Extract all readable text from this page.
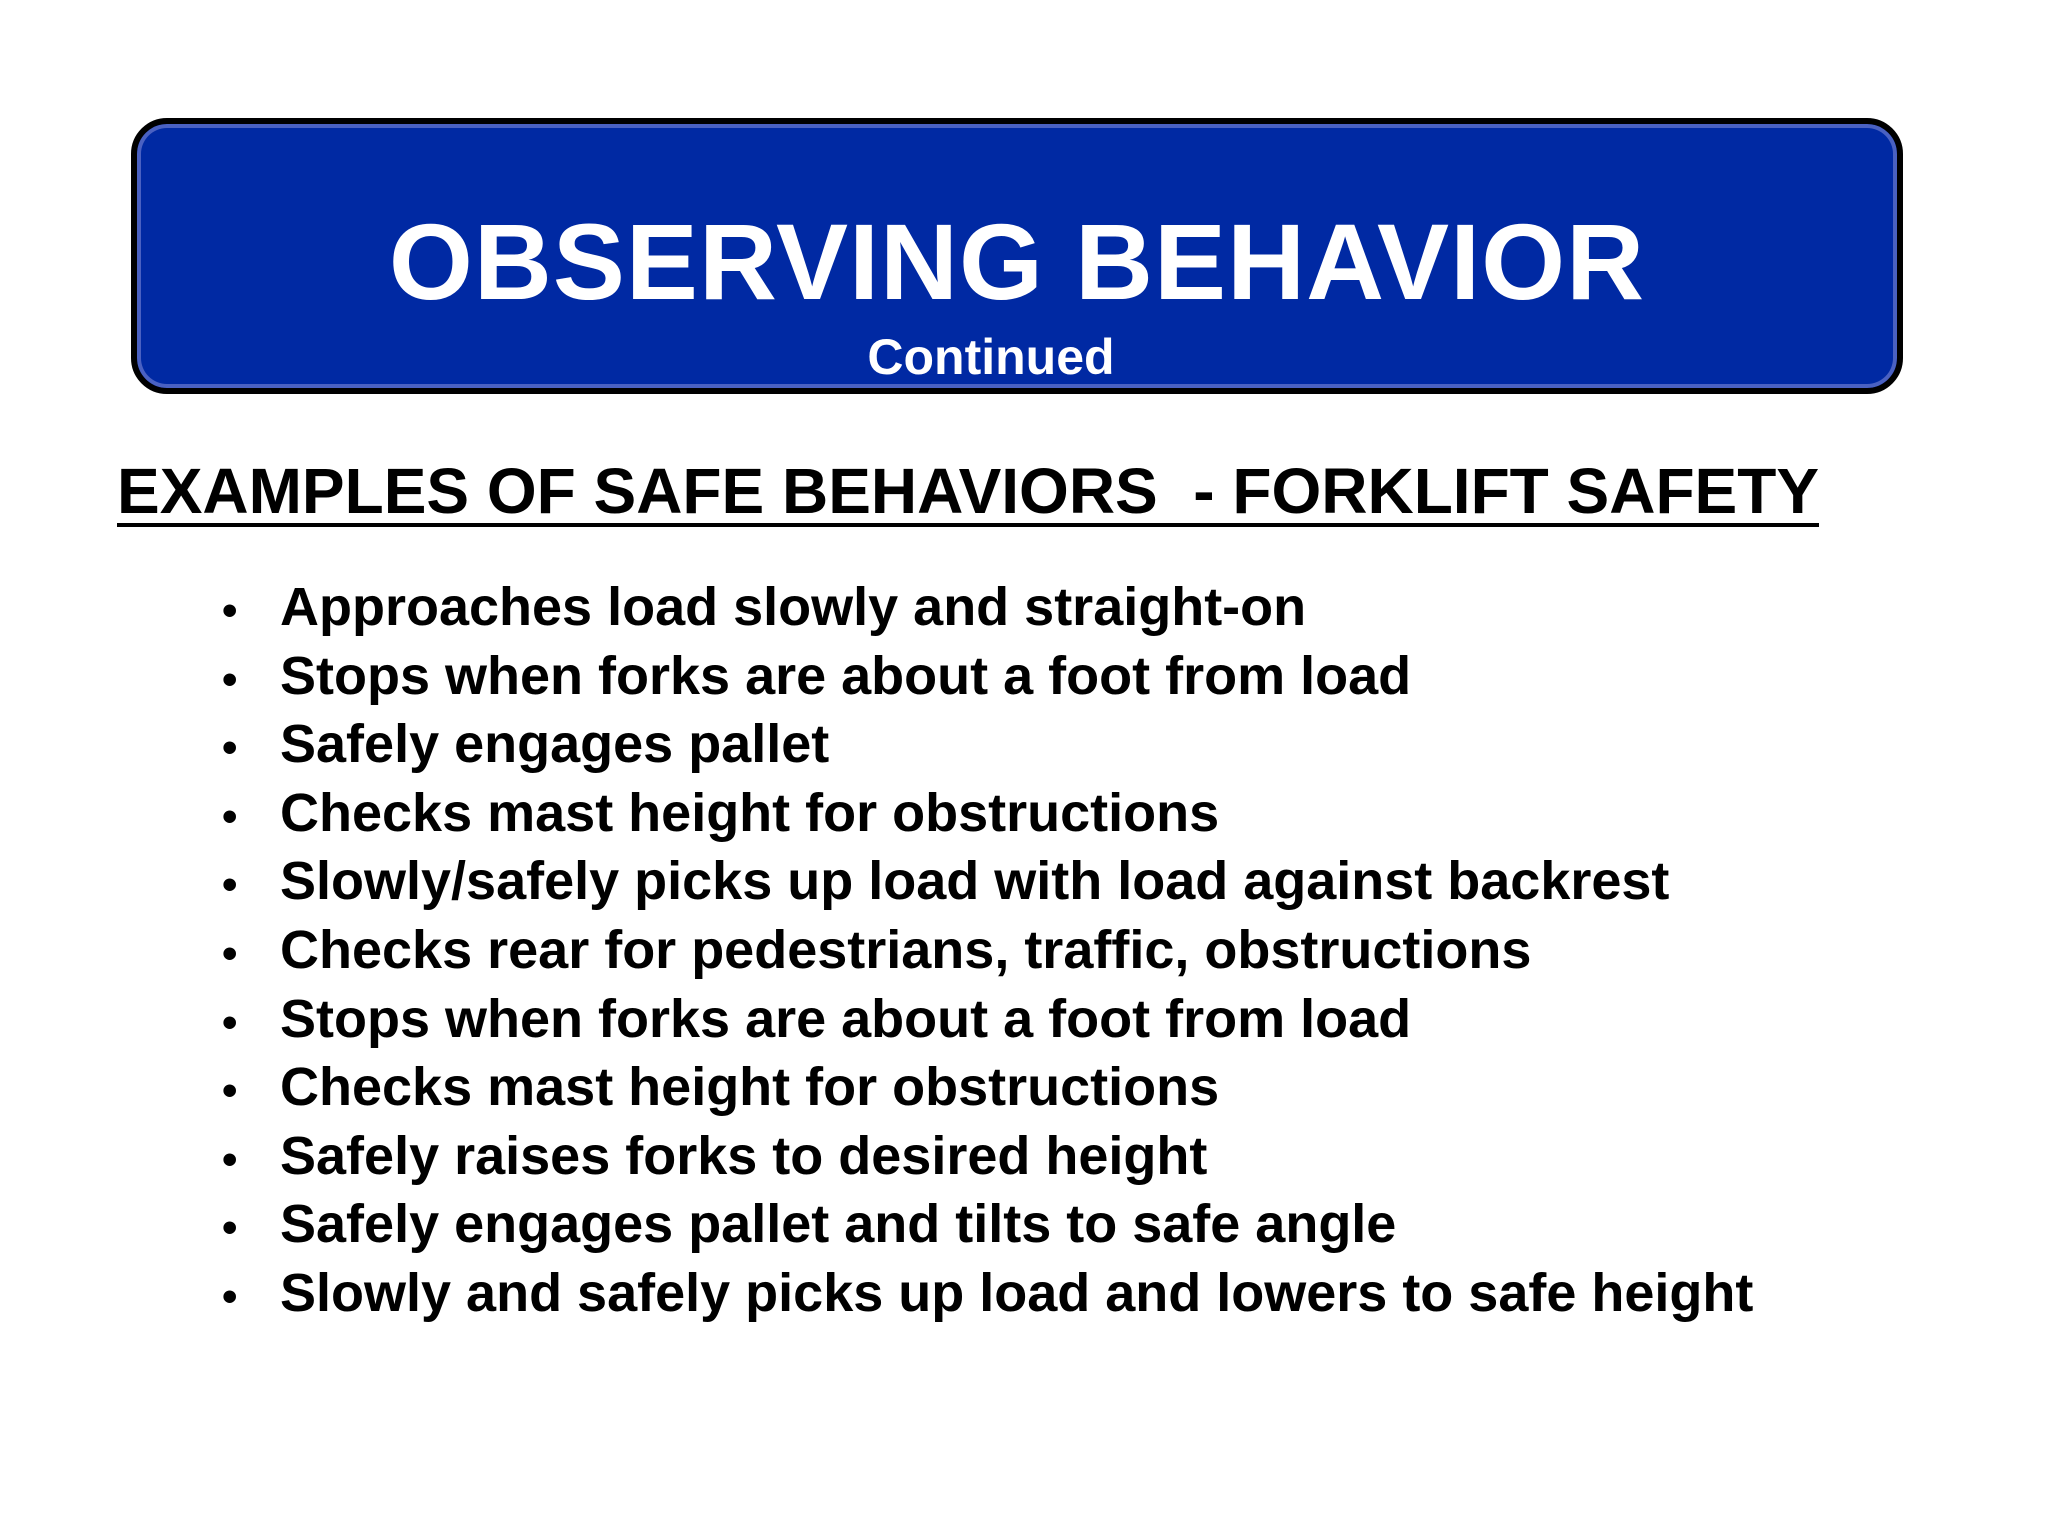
OBSERVING BEHAVIOR
Continued
EXAMPLES OF SAFE BEHAVIORS  - FORKLIFT SAFETY
• Approaches load slowly and straight-on
• Stops when forks are about a foot from load
• Safely engages pallet
• Checks mast height for obstructions
• Slowly/safely picks up load with load against backrest
• Checks rear for pedestrians, traffic, obstructions
• Stops when forks are about a foot from load
• Checks mast height for obstructions
• Safely raises forks to desired height
• Safely engages pallet and tilts to safe angle
• Slowly and safely picks up load and lowers to safe height
